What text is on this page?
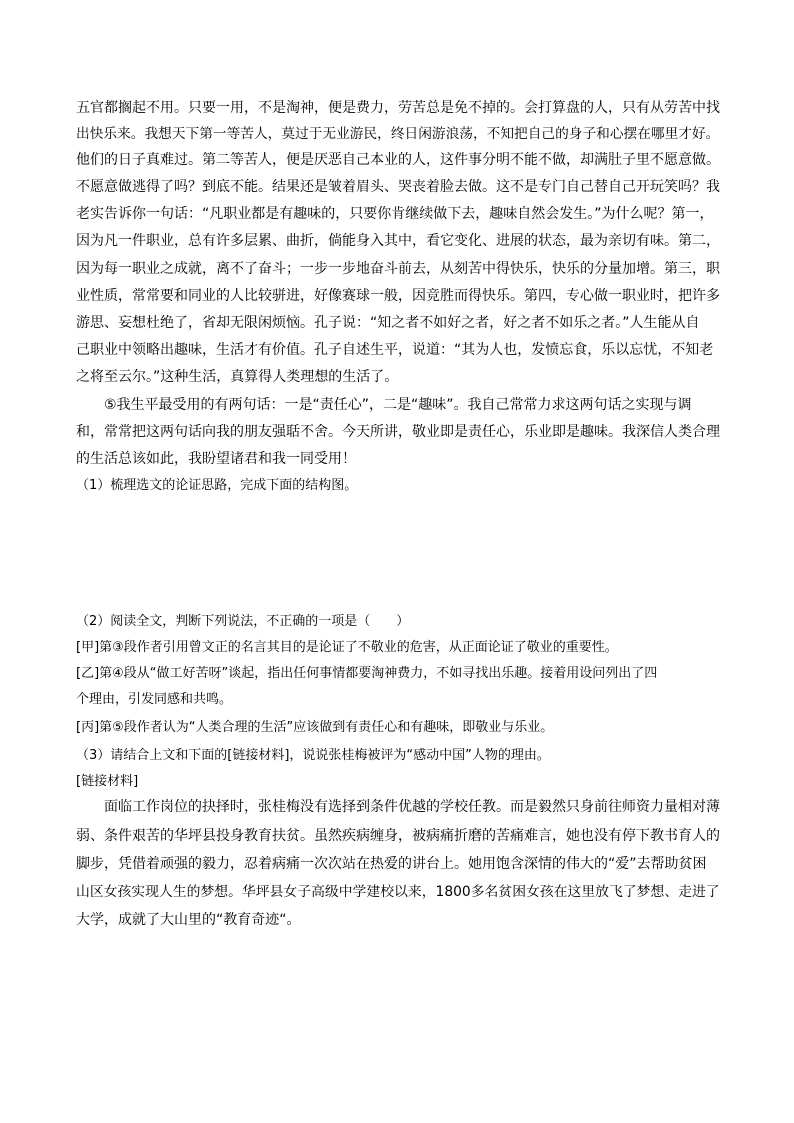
五官都搁起不用。只要一用，不是淘神，便是费力，劳苦总是免不掉的。会打算盘的人，只有从劳苦中找
出快乐来。我想天下第一等苦人，莫过于无业游民，终日闲游浪荡，不知把自己的身子和心摆在哪里才好。
他们的日子真难过。第二等苦人，便是厌恶自己本业的人，这件事分明不能不做，却满肚子里不愿意做。
不愿意做逃得了吗？到底不能。结果还是皱着眉头、哭丧着脸去做。这不是专门自己替自己开玩笑吗？我
老实告诉你一句话：“凡职业都是有趣味的，只要你肯继续做下去，趣味自然会发生。”为什么呢？第一，
因为凡一件职业，总有许多层累、曲折，倘能身入其中，看它变化、进展的状态，最为亲切有味。第二，
因为每一职业之成就，离不了奋斗；一步一步地奋斗前去，从刻苦中得快乐，快乐的分量加增。第三，职
业性质，常常要和同业的人比较骈进，好像赛球一般，因竞胜而得快乐。第四，专心做一职业时，把许多
游思、妄想杜绝了，省却无限闲烦恼。孔子说：“知之者不如好之者，好之者不如乐之者。”人生能从自
己职业中领略出趣味，生活才有价值。孔子自述生平，说道：“其为人也，发愤忘食，乐以忘忧，不知老
之将至云尔。”这种生活，真算得人类理想的生活了。
⑤我生平最受用的有两句话：一是“责任心”，二是“趣味”。我自己常常力求这两句话之实现与调
和，常常把这两句话向我的朋友强聒不舍。今天所讲，敬业即是责任心，乐业即是趣味。我深信人类合理
的生活总该如此，我盼望诸君和我一同受用！
（1）梳理选文的论证思路，完成下面的结构图。
（2）阅读全文，判断下列说法，不正确的一项是（　　）
[甲]第③段作者引用曾文正的名言其目的是论证了不敬业的危害，从正面论证了敬业的重要性。
[乙]第④段从“做工好苦呀”谈起，指出任何事情都要淘神费力，不如寻找出乐趣。接着用设问列出了四
个理由，引发同感和共鸣。
[丙]第⑤段作者认为“人类合理的生活”应该做到有责任心和有趣味，即敬业与乐业。
（3）请结合上文和下面的[链接材料]，说说张桂梅被评为“感动中国”人物的理由。
[链接材料]
面临工作岗位的抉择时，张桂梅没有选择到条件优越的学校任教。而是毅然只身前往师资力量相对薄
弱、条件艰苦的华坪县投身教育扶贫。虽然疾病缠身，被病痛折磨的苦痛难言，她也没有停下教书育人的
脚步，凭借着顽强的毅力，忍着病痛一次次站在热爱的讲台上。她用饱含深情的伟大的“爱”去帮助贫困
山区女孩实现人生的梦想。华坪县女子高级中学建校以来，1800多名贫困女孩在这里放飞了梦想、走进了
大学，成就了大山里的“教育奇迹“。
